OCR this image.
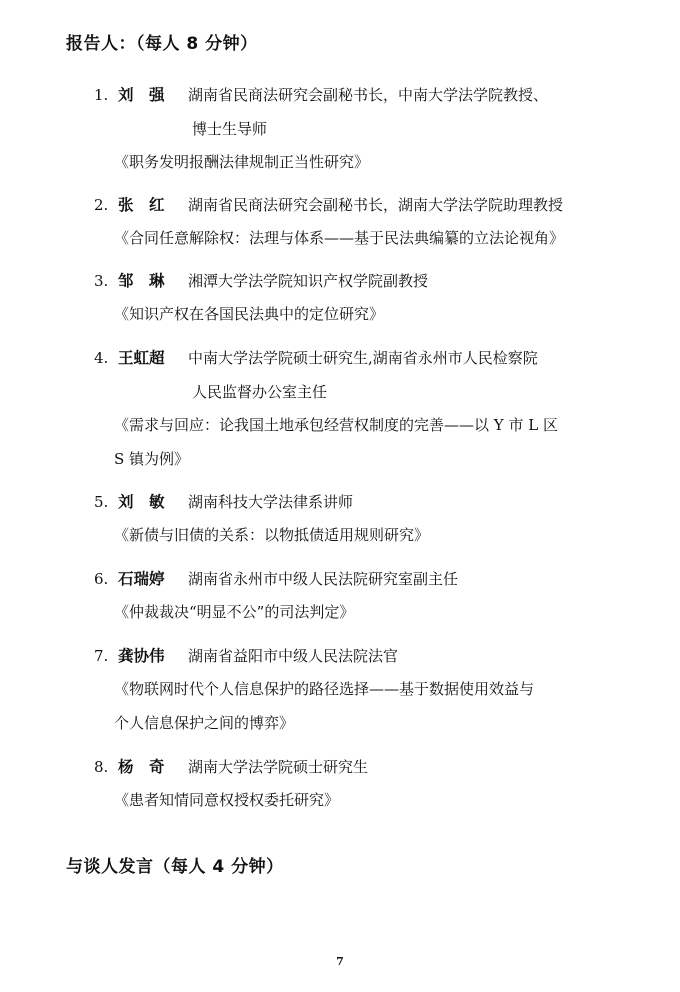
报告人：（每人 8 分钟）
1. 刘　强	湖南省民商法研究会副秘书长，中南大学法学院教授、
博士生导师
《职务发明报酬法律规制正当性研究》
2. 张　红	湖南省民商法研究会副秘书长，湖南大学法学院助理教授
《合同任意解除权：法理与体系——基于民法典编纂的立法论视角》
3. 邹　琳	湘潭大学法学院知识产权学院副教授
《知识产权在各国民法典中的定位研究》
4. 王虹超	中南大学法学院硕士研究生,湖南省永州市人民检察院
人民监督办公室主任
《需求与回应：论我国土地承包经营权制度的完善——以 Y 市 L 区
S 镇为例》
5. 刘　敏	湖南科技大学法律系讲师
《新债与旧债的关系：以物抵债适用规则研究》
6. 石瑞婷	湖南省永州市中级人民法院研究室副主任
《仲裁裁决“明显不公”的司法判定》
7. 龚协伟	湖南省益阳市中级人民法院法官
《物联网时代个人信息保护的路径选择——基于数据使用效益与
个人信息保护之间的博弈》
8. 杨　奇	湖南大学法学院硕士研究生
《患者知情同意权授权委托研究》
与谈人发言（每人 4 分钟）
7
